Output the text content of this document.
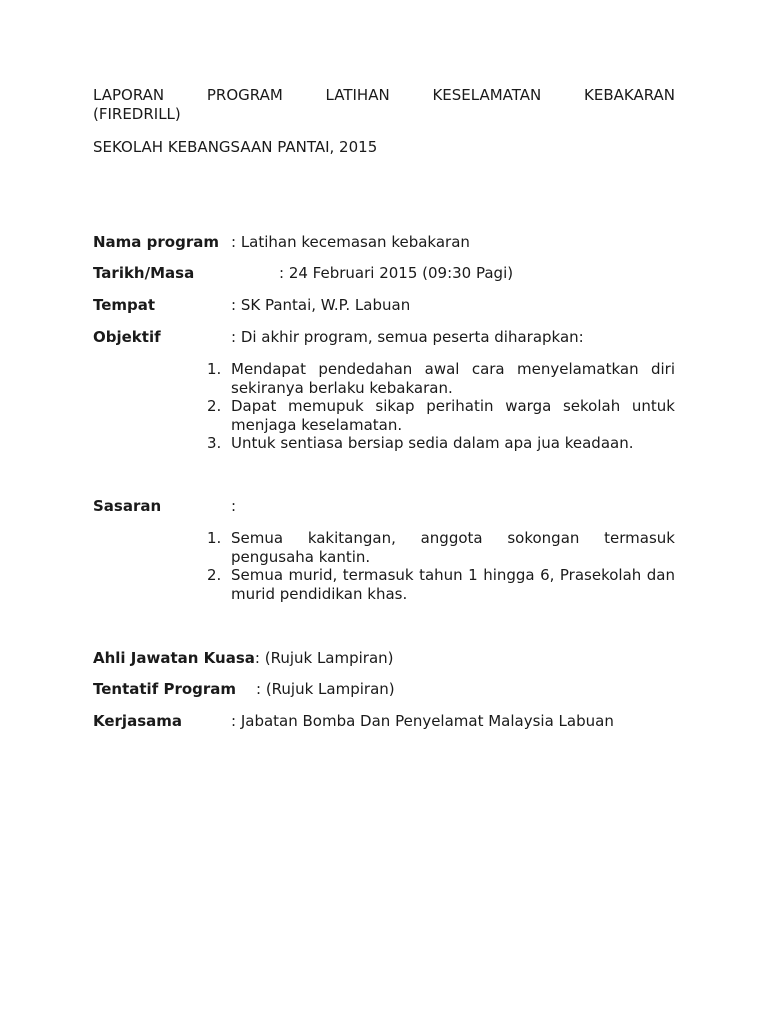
LAPORAN	PROGRAM	LATIHAN	KESELAMATAN	KEBAKARAN
(FIREDRILL)
SEKOLAH KEBANGSAAN PANTAI, 2015
Nama program : Latihan kecemasan kebakaran
Tarikh/Masa	: 24 Februari 2015 (09:30 Pagi)
Tempat	: SK Pantai, W.P. Labuan
Objektif	: Di akhir program, semua peserta diharapkan:
1. Mendapat pendedahan awal cara menyelamatkan diri sekiranya berlaku kebakaran.
2. Dapat memupuk sikap perihatin warga sekolah untuk menjaga keselamatan.
3. Untuk sentiasa bersiap sedia dalam apa jua keadaan.
Sasaran	:
1. Semua kakitangan, anggota sokongan termasuk pengusaha kantin.
2. Semua murid, termasuk tahun 1 hingga 6, Prasekolah dan murid pendidikan khas.
Ahli Jawatan Kuasa: (Rujuk Lampiran)
Tentatif Program : (Rujuk Lampiran)
Kerjasama	: Jabatan Bomba Dan Penyelamat Malaysia Labuan
